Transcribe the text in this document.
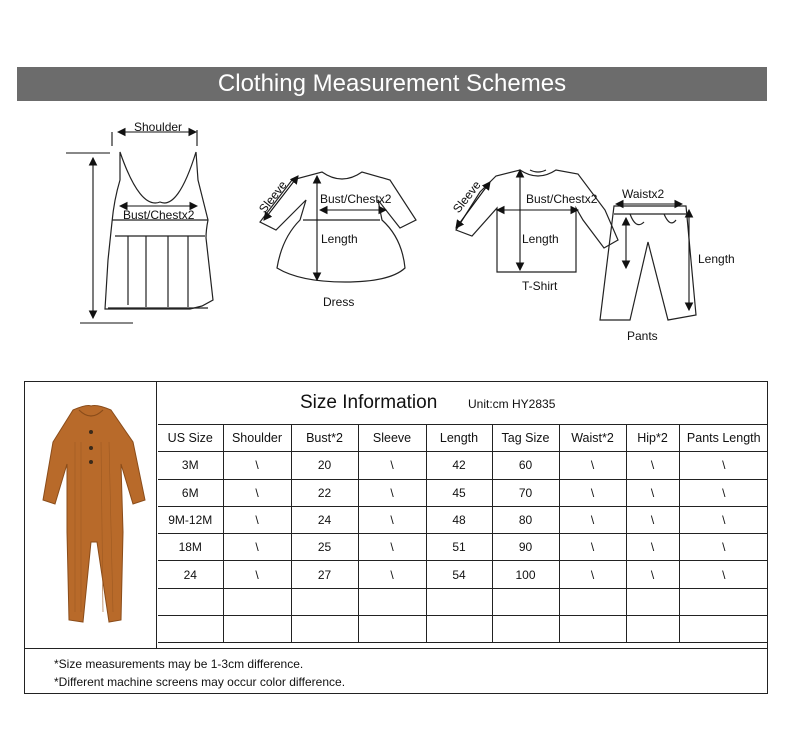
Clothing Measurement Schemes
Shoulder
Bust/Chestx2	Sleeve	Bust/Chestx2
Length
Dress
Sleeve	Bust/Chestx2
Length
T-Shirt
Waistx2
Length
Pants
Size Information	Unit:cm HY2835
US Size	Shoulder	Bust*2	Sleeve	Length	Tag Size	Waist*2	Hip*2	Pants Length
3M	\	20	\	42	60	\	\	\
6M	\	22	\	45	70	\	\	\
9M-12M	\	24	\	48	80	\	\	\
18M	\	25	\	51	90	\	\	\
24	\	27	\	54	100	\	\	\

*Size measurements may be 1-3cm difference.
*Different machine screens may occur color difference.
